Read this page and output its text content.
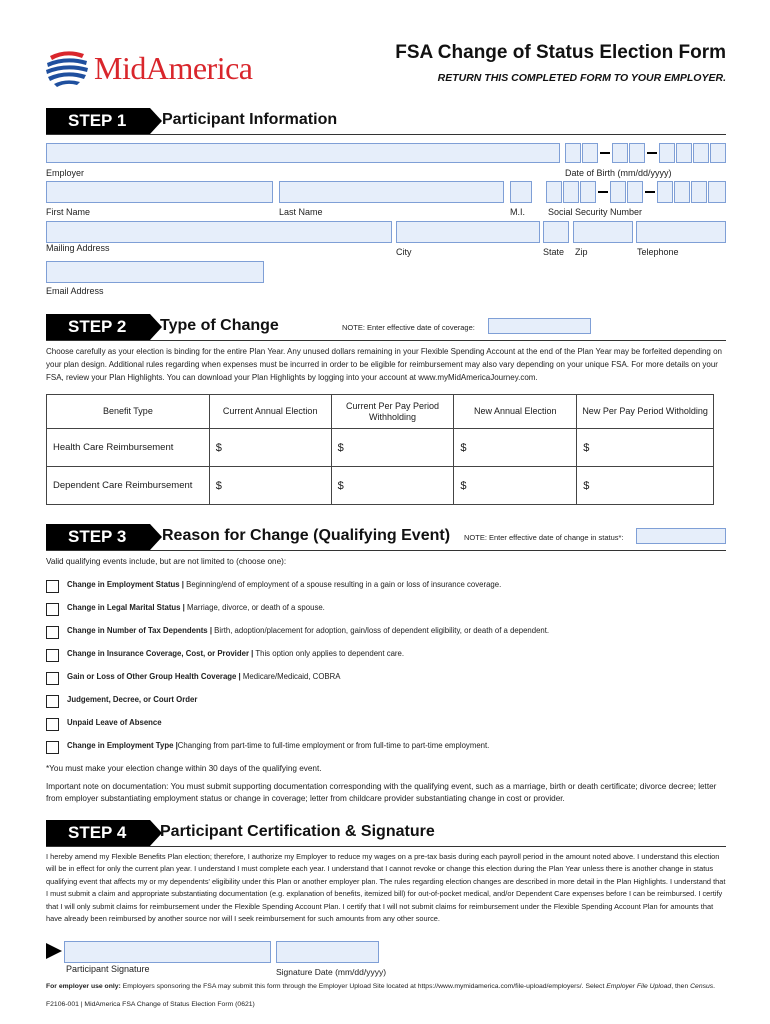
MidAmerica	FSA Change of Status Election Form
RETURN THIS COMPLETED FORM TO YOUR EMPLOYER.
STEP 1	Participant Information
Employer	Date of Birth (mm/dd/yyyy)
First Name	Last Name	M.I.	Social Security Number
Mailing Address	City	State Zip	Telephone
Email Address
STEP 2	Type of Change	NOTE: Enter effective date of coverage:
Choose carefully as your election is binding for the entire Plan Year. Any unused dollars remaining in your Flexible Spending Account at the end of the Plan Year may be forfeited depending on your plan design. Additional rules regarding when expenses must be incurred in order to be eligible for reimbursement may also vary depending on your unique FSA. For more details on your FSA, review your Plan Highlights. You can download your Plan Highlights by logging into your account at www.myMidAmericaJourney.com.
Benefit Type	Current Annual Election	Current Per Pay Period Withholding	New Annual Election	New Per Pay Period Witholding
Health Care Reimbursement	$	$	$	$
Dependent Care Reimbursement	$	$	$	$
STEP 3	Reason for Change (Qualifying Event) NOTE: Enter effective date of change in status*:
Valid qualifying events include, but are not limited to (choose one):
Change in Employment Status | Beginning/end of employment of a spouse resulting in a gain or loss of insurance coverage.
Change in Legal Marital Status | Marriage, divorce, or death of a spouse.
Change in Number of Tax Dependents | Birth, adoption/placement for adoption, gain/loss of dependent eligibility, or death of a dependent.
Change in Insurance Coverage, Cost, or Provider | This option only applies to dependent care.
Gain or Loss of Other Group Health Coverage | Medicare/Medicaid, COBRA
Judgement, Decree, or Court Order
Unpaid Leave of Absence
Change in Employment Type |Changing from part-time to full-time employment or from full-time to part-time employment.
*You must make your election change within 30 days of the qualifying event.
Important note on documentation: You must submit supporting documentation corresponding with the qualifying event, such as a marriage, birth or death certificate; divorce decree; letter from employer substantiating employment status or change in coverage; letter from childcare provider substantiating change in cost or provider.
STEP 4	Participant Certification & Signature
I hereby amend my Flexible Benefits Plan election; therefore, I authorize my Employer to reduce my wages on a pre-tax basis during each payroll period in the amount noted above. I understand this election will be in effect for only the current plan year. I understand I must complete each year. I understand that I cannot revoke or change this election during the Plan Year unless there is another change in status qualifying event that affects my or my dependents' eligibility under this Plan or another employer plan. The rules regarding election changes are described in more detail in the Plan Highlights. I understand that I must submit a claim and appropriate substantiating documentation (e.g. explanation of benefits, itemized bill) for out-of-pocket medical, and/or Dependent Care expenses before I can be reimbursed. I certify that I will only submit claims for reimbursement under the Flexible Spending Account Plan. I certify that I will not submit claims for reimbursement under the Flexible Spending Account Plan for amounts that have already been reimbursed by another source nor will I seek reimbursement for such amounts from any other source.
Participant Signature	Signature Date (mm/dd/yyyy)
For employer use only: Employers sponsoring the FSA may submit this form through the Employer Upload Site located at https://www.mymidamerica.com/file-upload/employers/. Select Employer File Upload, then Census.
F2106-001 | MidAmerica FSA Change of Status Election Form (0621)
